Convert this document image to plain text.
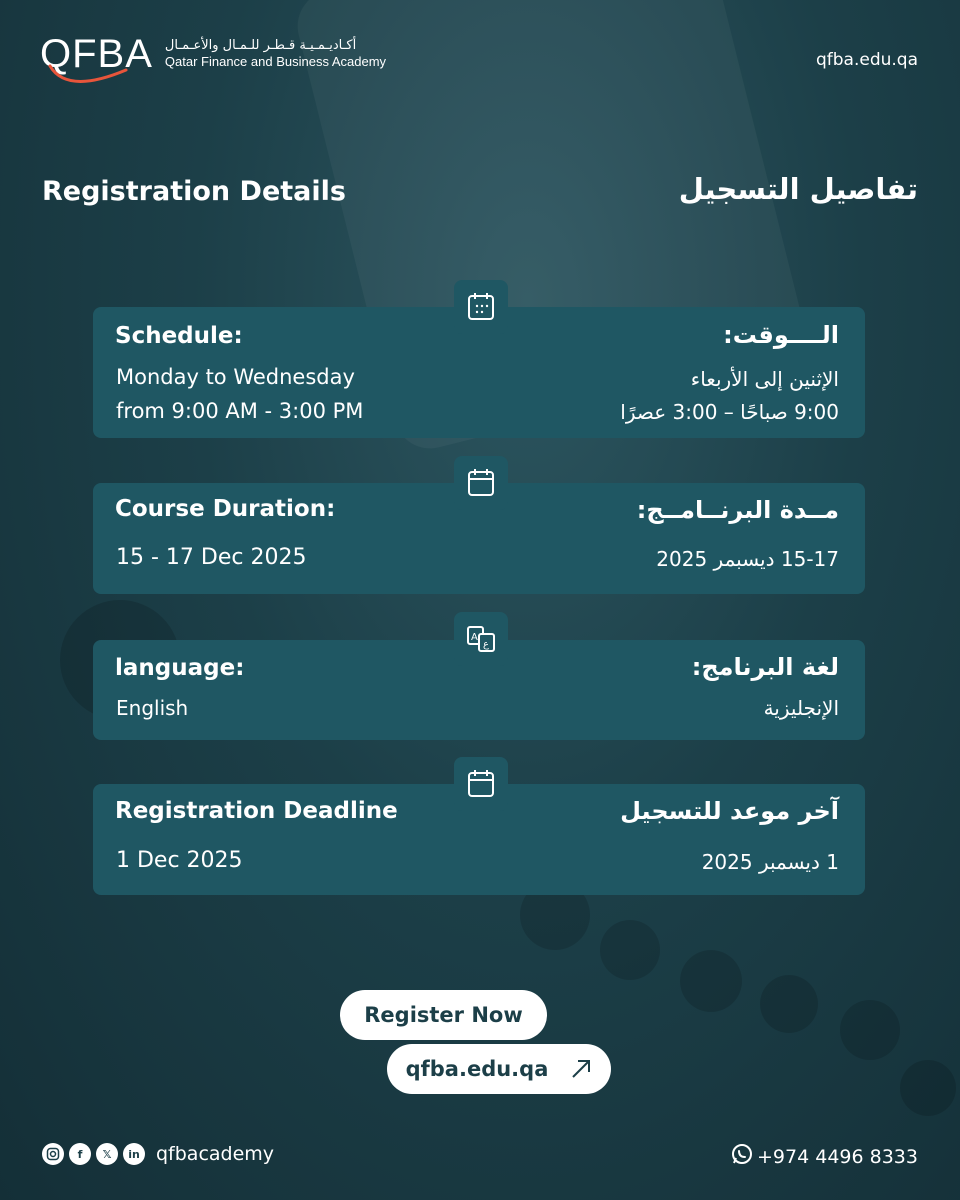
QFBA أكـاديـمـيـة قـطـر للـمـال والأعـمـال
Qatar Finance and Business Academy	qfba.edu.qa
Registration Details	تفاصيل التسجيل
Schedule:
Monday to Wednesday
from 9:00 AM - 3:00 PM
الــــوقت:
الإثنين إلى الأربعاء
9:00 صباحًا – 3:00 عصرًا
Course Duration:
15 - 17 Dec 2025
مــدة البرنــامــج:
15-17 ديسبمر 2025
language:
English
لغة البرنامج:
الإنجليزية
A
ع
Registration Deadline
1 Dec 2025
آخر موعد للتسجيل
1 ديسمبر 2025
Register Now
qfba.edu.qa
f	𝕏	in qfbacademy	+974 4496 8333
